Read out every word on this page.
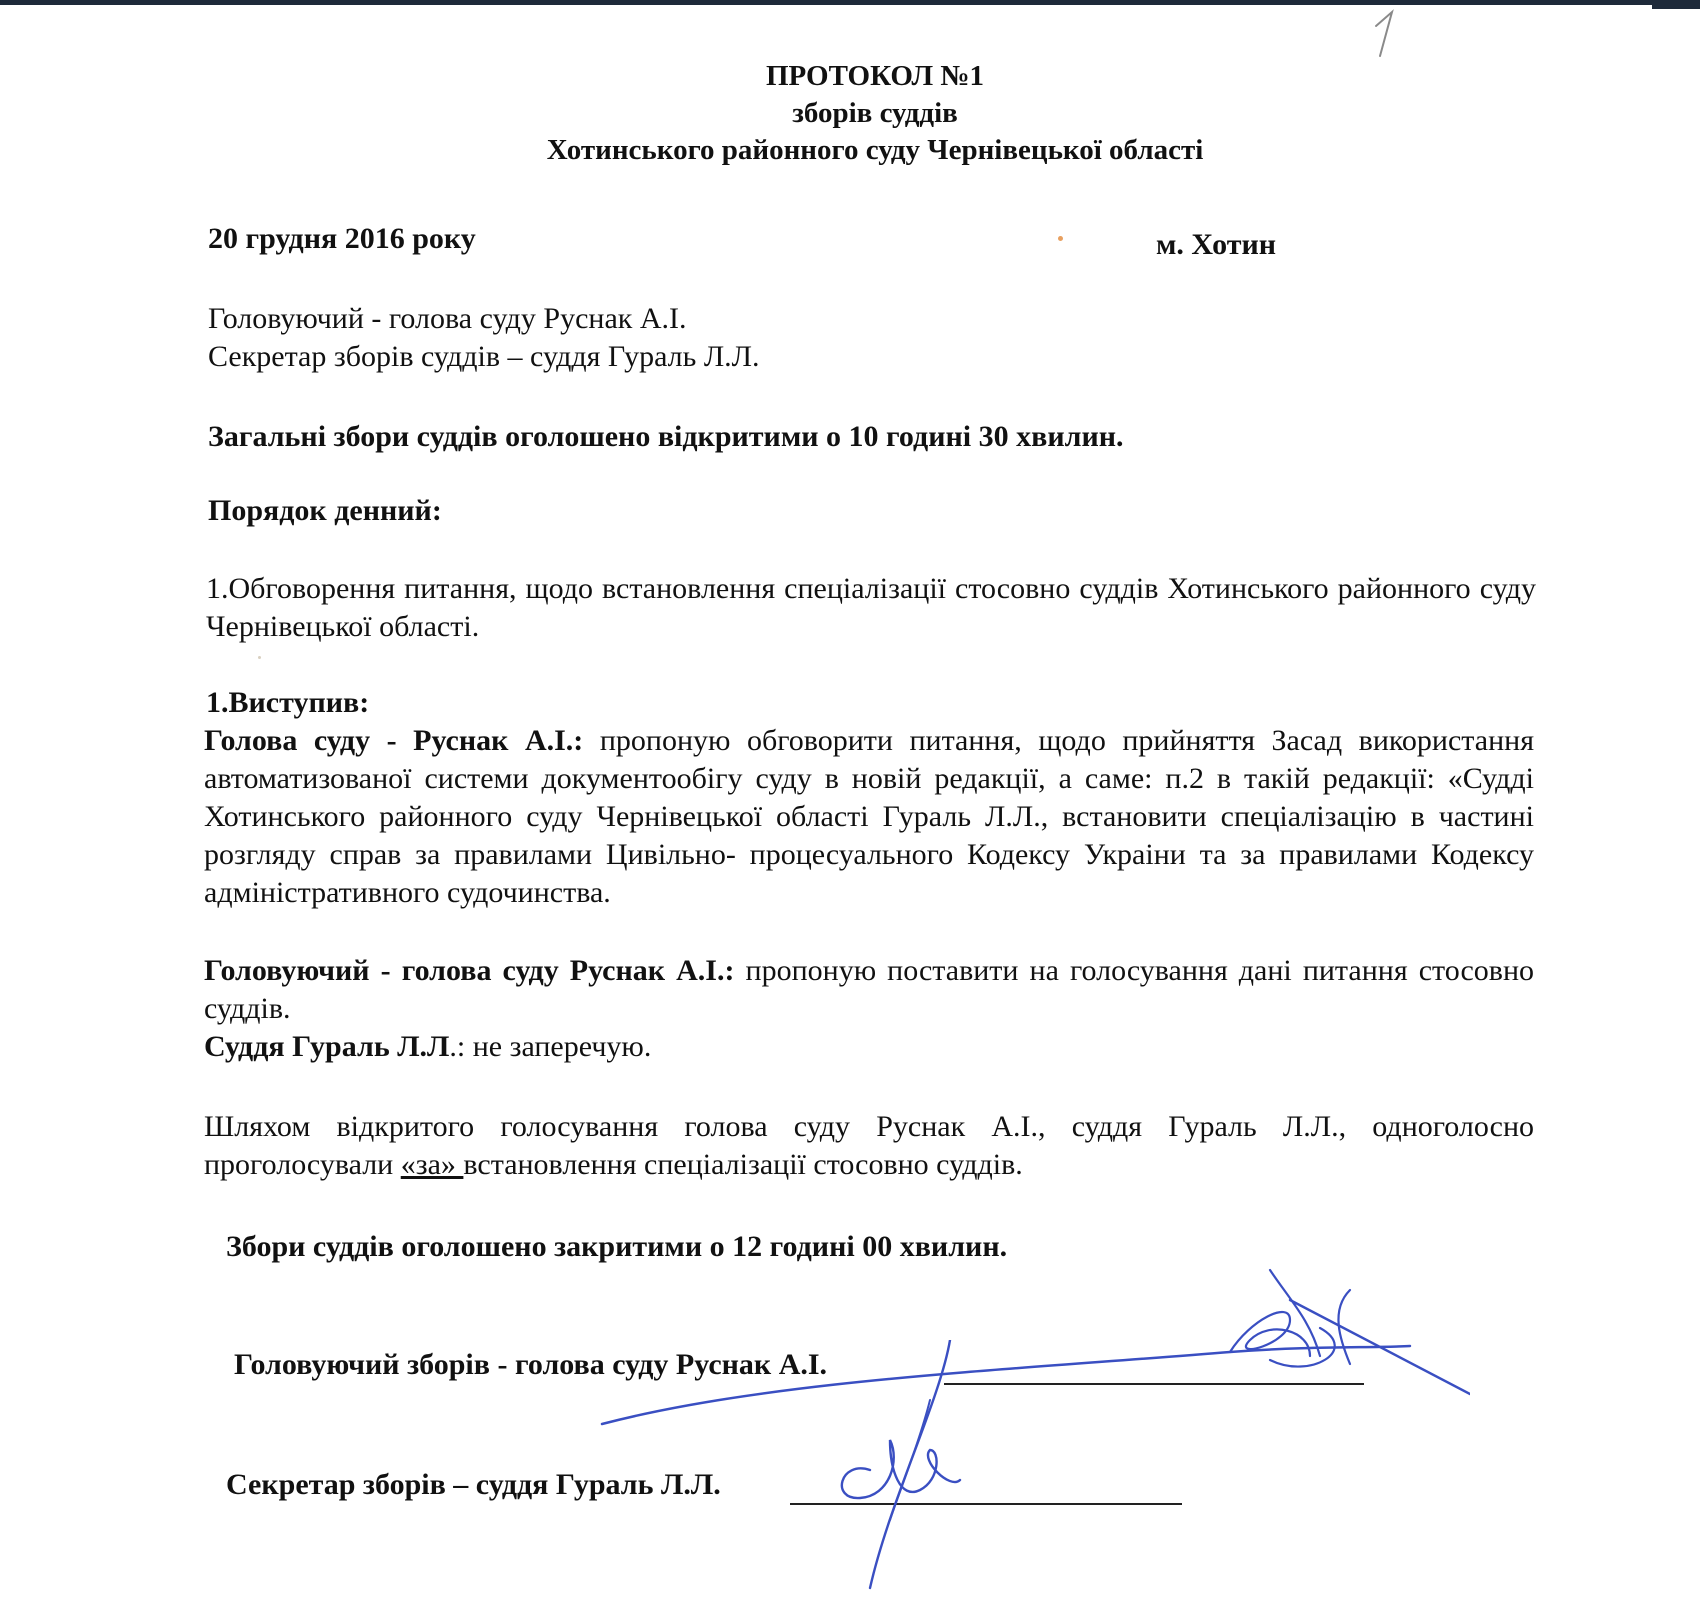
ПРОТОКОЛ №1
зборів суддів
Хотинського районного суду Чернівецької області
20 грудня 2016 року	м. Хотин
Головуючий - голова суду Руснак А.І.
Секретар зборів суддів – суддя Гураль Л.Л.
Загальні збори суддів оголошено відкритими о 10 годині 30 хвилин.
Порядок денний:
1.Обговорення питання, щодо встановлення спеціалізації стосовно суддів Хотинського районного суду Чернівецької області.
1.Виступив:
Голова суду - Руснак А.І.: пропоную обговорити питання, щодо прийняття Засад використання автоматизованої системи документообігу суду в новій редакції, а саме: п.2 в такій редакції: «Судді Хотинського районного суду Чернівецької області Гураль Л.Л., встановити спеціалізацію в частині розгляду справ за правилами Цивільно- процесуального Кодексу Украіни та за правилами Кодексу адміністративного судочинства.
Головуючий - голова суду Руснак А.І.: пропоную поставити на голосування дані питання стосовно суддів.
Суддя Гураль Л.Л.: не заперечую.
Шляхом відкритого голосування голова суду Руснак А.І., суддя Гураль Л.Л., одноголосно проголосували «за» встановлення спеціалізації стосовно суддів.
Збори суддів оголошено закритими о 12 годині 00 хвилин.
Головуючий зборів - голова суду Руснак А.І.
Секретар зборів – суддя Гураль Л.Л.
